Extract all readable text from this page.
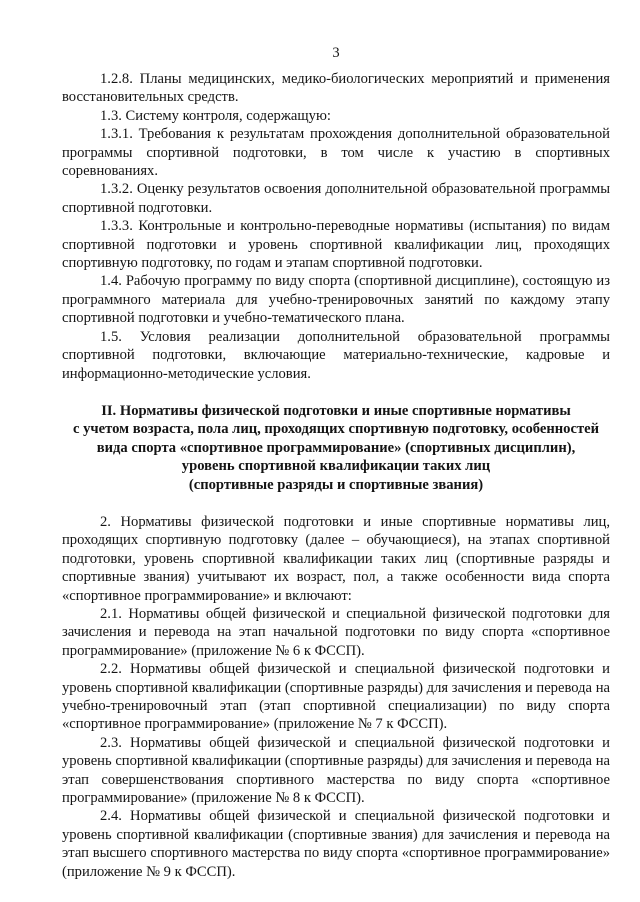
3

1.2.8. Планы медицинских, медико-биологических мероприятий и применения восстановительных средств.

1.3. Систему контроля, содержащую:

1.3.1. Требования к результатам прохождения дополнительной образовательной программы спортивной подготовки, в том числе к участию в спортивных соревнованиях.

1.3.2. Оценку результатов освоения дополнительной образовательной программы спортивной подготовки.

1.3.3. Контрольные и контрольно-переводные нормативы (испытания) по видам спортивной подготовки и уровень спортивной квалификации лиц, проходящих спортивную подготовку, по годам и этапам спортивной подготовки.

1.4. Рабочую программу по виду спорта (спортивной дисциплине), состоящую из программного материала для учебно-тренировочных занятий по каждому этапу спортивной подготовки и учебно-тематического плана.

1.5. Условия реализации дополнительной образовательной программы спортивной подготовки, включающие материально-технические, кадровые и информационно-методические условия.

II. Нормативы физической подготовки и иные спортивные нормативы

с учетом возраста, пола лиц, проходящих спортивную подготовку, особенностей

вида спорта «спортивное программирование» (спортивных дисциплин),

уровень спортивной квалификации таких лиц

(спортивные разряды и спортивные звания)

2. Нормативы физической подготовки и иные спортивные нормативы лиц, проходящих спортивную подготовку (далее – обучающиеся), на этапах спортивной подготовки, уровень спортивной квалификации таких лиц (спортивные разряды и спортивные звания) учитывают их возраст, пол, а также особенности вида спорта «спортивное программирование» и включают:

2.1. Нормативы общей физической и специальной физической подготовки для зачисления и перевода на этап начальной подготовки по виду спорта «спортивное программирование» (приложение № 6 к ФССП).

2.2. Нормативы общей физической и специальной физической подготовки и уровень спортивной квалификации (спортивные разряды) для зачисления и перевода на учебно-тренировочный этап (этап спортивной специализации) по виду спорта «спортивное программирование» (приложение № 7 к ФССП).

2.3. Нормативы общей физической и специальной физической подготовки и уровень спортивной квалификации (спортивные разряды) для зачисления и перевода на этап совершенствования спортивного мастерства по виду спорта «спортивное программирование» (приложение № 8 к ФССП).

2.4. Нормативы общей физической и специальной физической подготовки и уровень спортивной квалификации (спортивные звания) для зачисления и перевода на этап высшего спортивного мастерства по виду спорта «спортивное программирование» (приложение № 9 к ФССП).
